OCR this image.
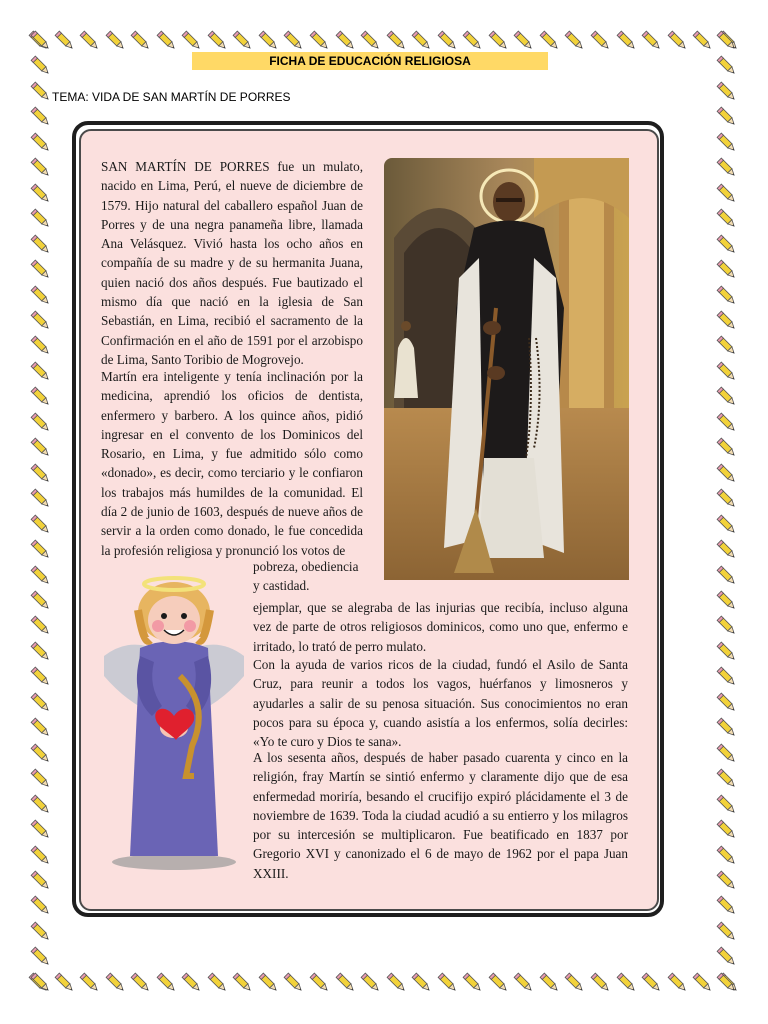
FICHA DE EDUCACIÓN RELIGIOSA
TEMA: VIDA DE SAN MARTÍN DE PORRES

SAN MARTÍN DE PORRES fue un mulato, nacido en Lima, Perú, el nueve de diciembre de 1579. Hijo natural del caballero español Juan de Porres y de una negra panameña libre, llamada Ana Velásquez. Vivió hasta los ocho años en compañía de su madre y de su hermanita Juana, quien nació dos años después. Fue bautizado el mismo día que nació en la iglesia de San Sebastián, en Lima, recibió el sacramento de la Confirmación en el año de 1591 por el arzobispo de Lima, Santo Toribio de Mogrovejo.

Martín era inteligente y tenía inclinación por la medicina, aprendió los oficios de dentista, enfermero y barbero. A los quince años, pidió ingresar en el convento de los Dominicos del Rosario, en Lima, y fue admitido sólo como «donado», es decir, como terciario y le confiaron los trabajos más humildes de la comunidad. El día 2 de junio de 1603, después de nueve años de servir a la orden como donado, le fue concedida la profesión religiosa y pronunció los votos de

pobreza, obediencia y castidad.

ejemplar, que se alegraba de las injurias que recibía, incluso alguna vez de parte de otros religiosos dominicos, como uno que, enfermo e irritado, lo trató de perro mulato.

Con la ayuda de varios ricos de la ciudad, fundó el Asilo de Santa Cruz, para reunir a todos los vagos, huérfanos y limosneros y ayudarles a salir de su penosa situación. Sus conocimientos no eran pocos para su época y, cuando asistía a los enfermos, solía decirles: «Yo te curo y Dios te sana».

A los sesenta años, después de haber pasado cuarenta y cinco en la religión, fray Martín se sintió enfermo y claramente dijo que de esa enfermedad moriría, besando el crucifijo expiró plácidamente el 3 de noviembre de 1639. Toda la ciudad acudió a su entierro y los milagros por su intercesión se multiplicaron. Fue beatificado en 1837 por Gregorio XVI y canonizado el 6 de mayo de 1962 por el papa Juan XXIII.
